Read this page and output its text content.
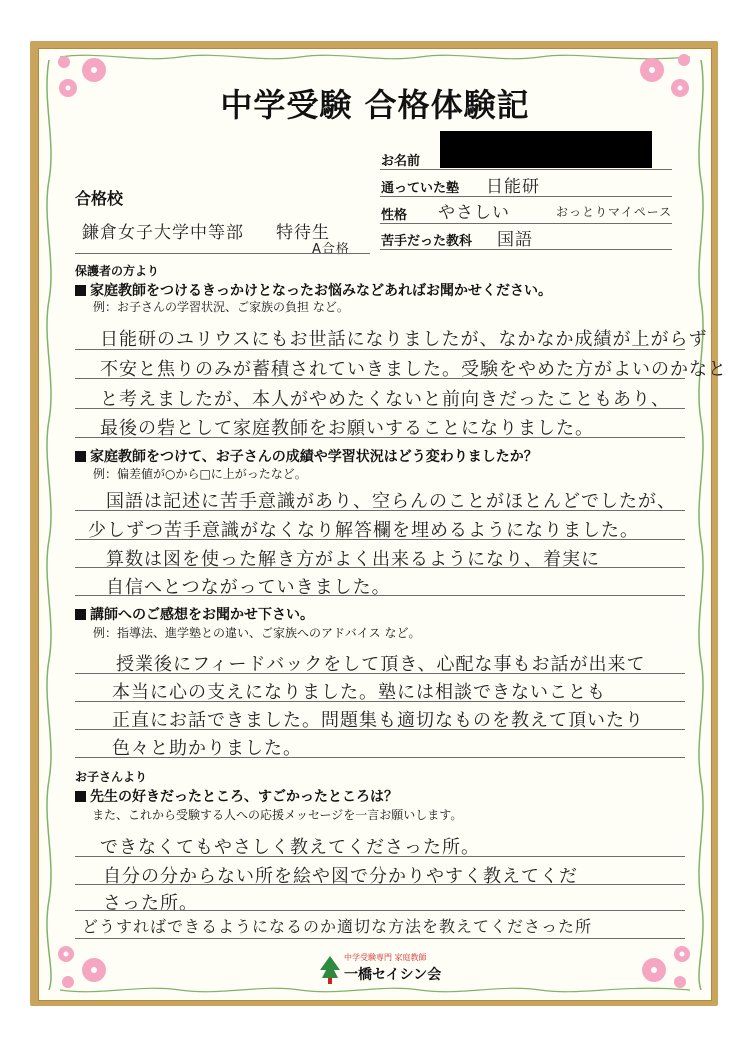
中学受験 合格体験記
お名前
通っていた塾 日能研
性格 やさしい	おっとりマイペース
苦手だった教科 国語
合格校
鎌倉女子大学中等部 特待生
A合格
保護者の方より
家庭教師をつけるきっかけとなったお悩みなどあればお聞かせください。
例：お子さんの学習状況、ご家族の負担 など。
日能研のユリウスにもお世話になりましたが、なかなか成績が上がらず
不安と焦りのみが蓄積されていきました。受験をやめた方がよいのかなと
と考えましたが、本人がやめたくないと前向きだったこともあり、
最後の砦として家庭教師をお願いすることになりました。
家庭教師をつけて、お子さんの成績や学習状況はどう変わりましたか？
例：偏差値が○から□に上がったなど。
国語は記述に苦手意識があり、空らんのことがほとんどでしたが、
少しずつ苦手意識がなくなり解答欄を埋めるようになりました。
算数は図を使った解き方がよく出来るようになり、着実に
自信へとつながっていきました。
講師へのご感想をお聞かせ下さい。
例：指導法、進学塾との違い、ご家族へのアドバイス など。
授業後にフィードバックをして頂き、心配な事もお話が出来て
本当に心の支えになりました。塾には相談できないことも
正直にお話できました。問題集も適切なものを教えて頂いたり
色々と助かりました。
お子さんより
先生の好きだったところ、すごかったところは？
また、これから受験する人への応援メッセージを一言お願いします。
できなくてもやさしく教えてくださった所。
自分の分からない所を絵や図で分かりやすく教えてくだ
さった所。
どうすればできるようになるのか適切な方法を教えてくださった所
中学受験専門 家庭教師
一橋セイシン会
